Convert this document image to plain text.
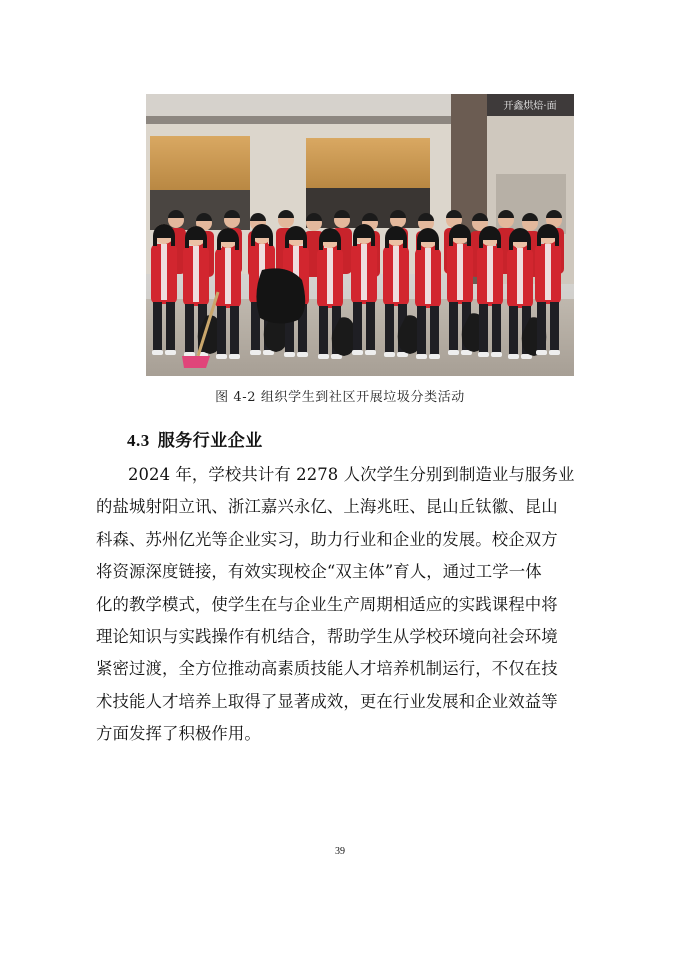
开鑫烘焙·面
图 4-2 组织学生到社区开展垃圾分类活动
4.3 服务行业企业
2024 年，学校共计有 2278 人次学生分别到制造业与服务业
的盐城射阳立讯、浙江嘉兴永亿、上海兆旺、昆山丘钛徽、昆山
科森、苏州亿光等企业实习，助力行业和企业的发展。校企双方
将资源深度链接，有效实现校企“双主体”育人，通过工学一体
化的教学模式，使学生在与企业生产周期相适应的实践课程中将
理论知识与实践操作有机结合，帮助学生从学校环境向社会环境
紧密过渡，全方位推动高素质技能人才培养机制运行，不仅在技
术技能人才培养上取得了显著成效，更在行业发展和企业效益等
方面发挥了积极作用。
39
